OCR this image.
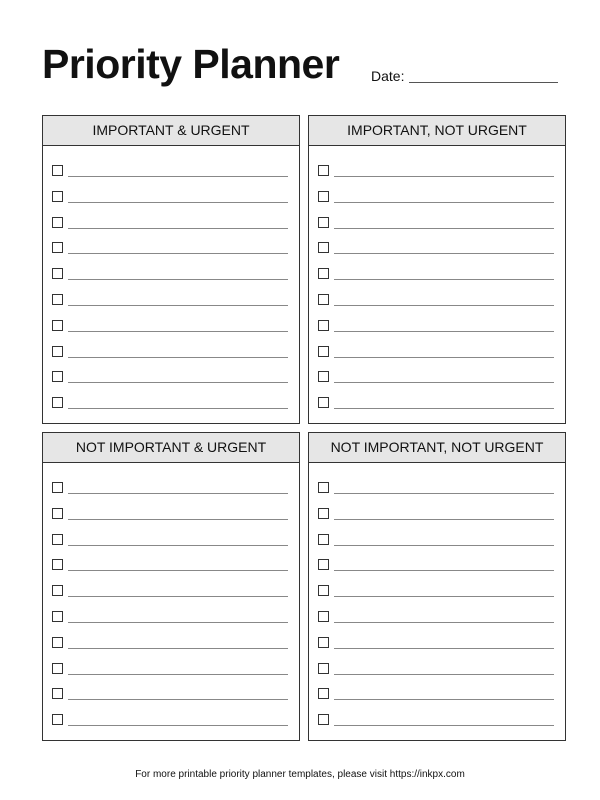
Priority Planner Date:
IMPORTANT & URGENT	IMPORTANT, NOT URGENT
NOT IMPORTANT & URGENT	NOT IMPORTANT, NOT URGENT
For more printable priority planner templates, please visit https://inkpx.com
